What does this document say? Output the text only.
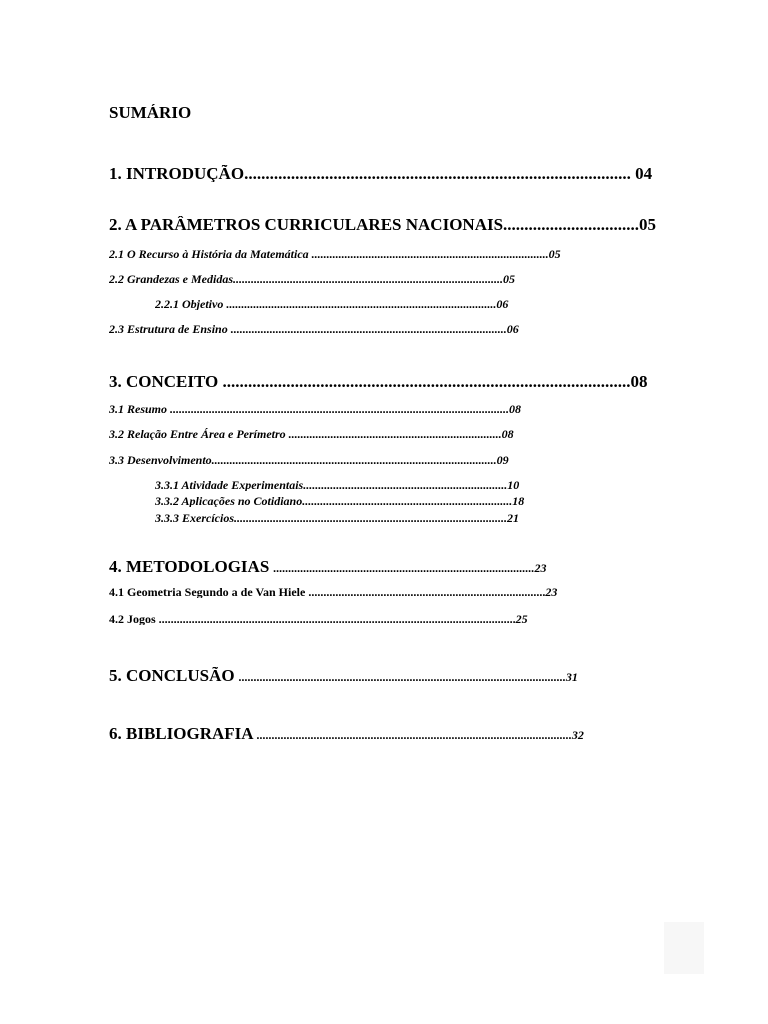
SUMÁRIO
1. INTRODUÇÃO........................................................................................... 04
2. A PARÂMETROS CURRICULARES NACIONAIS................................05
2.1 O Recurso à História da Matemática ...............................................................................05
2.2 Grandezas e Medidas..........................................................................................05
2.2.1 Objetivo ..........................................................................................06
2.3 Estrutura de Ensino ............................................................................................06
3. CONCEITO ................................................................................................08
3.1 Resumo .................................................................................................................08
3.2 Relação Entre Área e Perímetro .......................................................................08
3.3 Desenvolvimento...............................................................................................09
3.3.1 Atividade Experimentais....................................................................10
3.3.2 Aplicações no Cotidiano......................................................................18
3.3.3 Exercícios...........................................................................................21
4. METODOLOGIAS .......................................................................................23
4.1 Geometria Segundo a de Van Hiele ...............................................................................23
4.2 Jogos .......................................................................................................................25
5. CONCLUSÃO .............................................................................................................31
6. BIBLIOGRAFIA .........................................................................................................32
